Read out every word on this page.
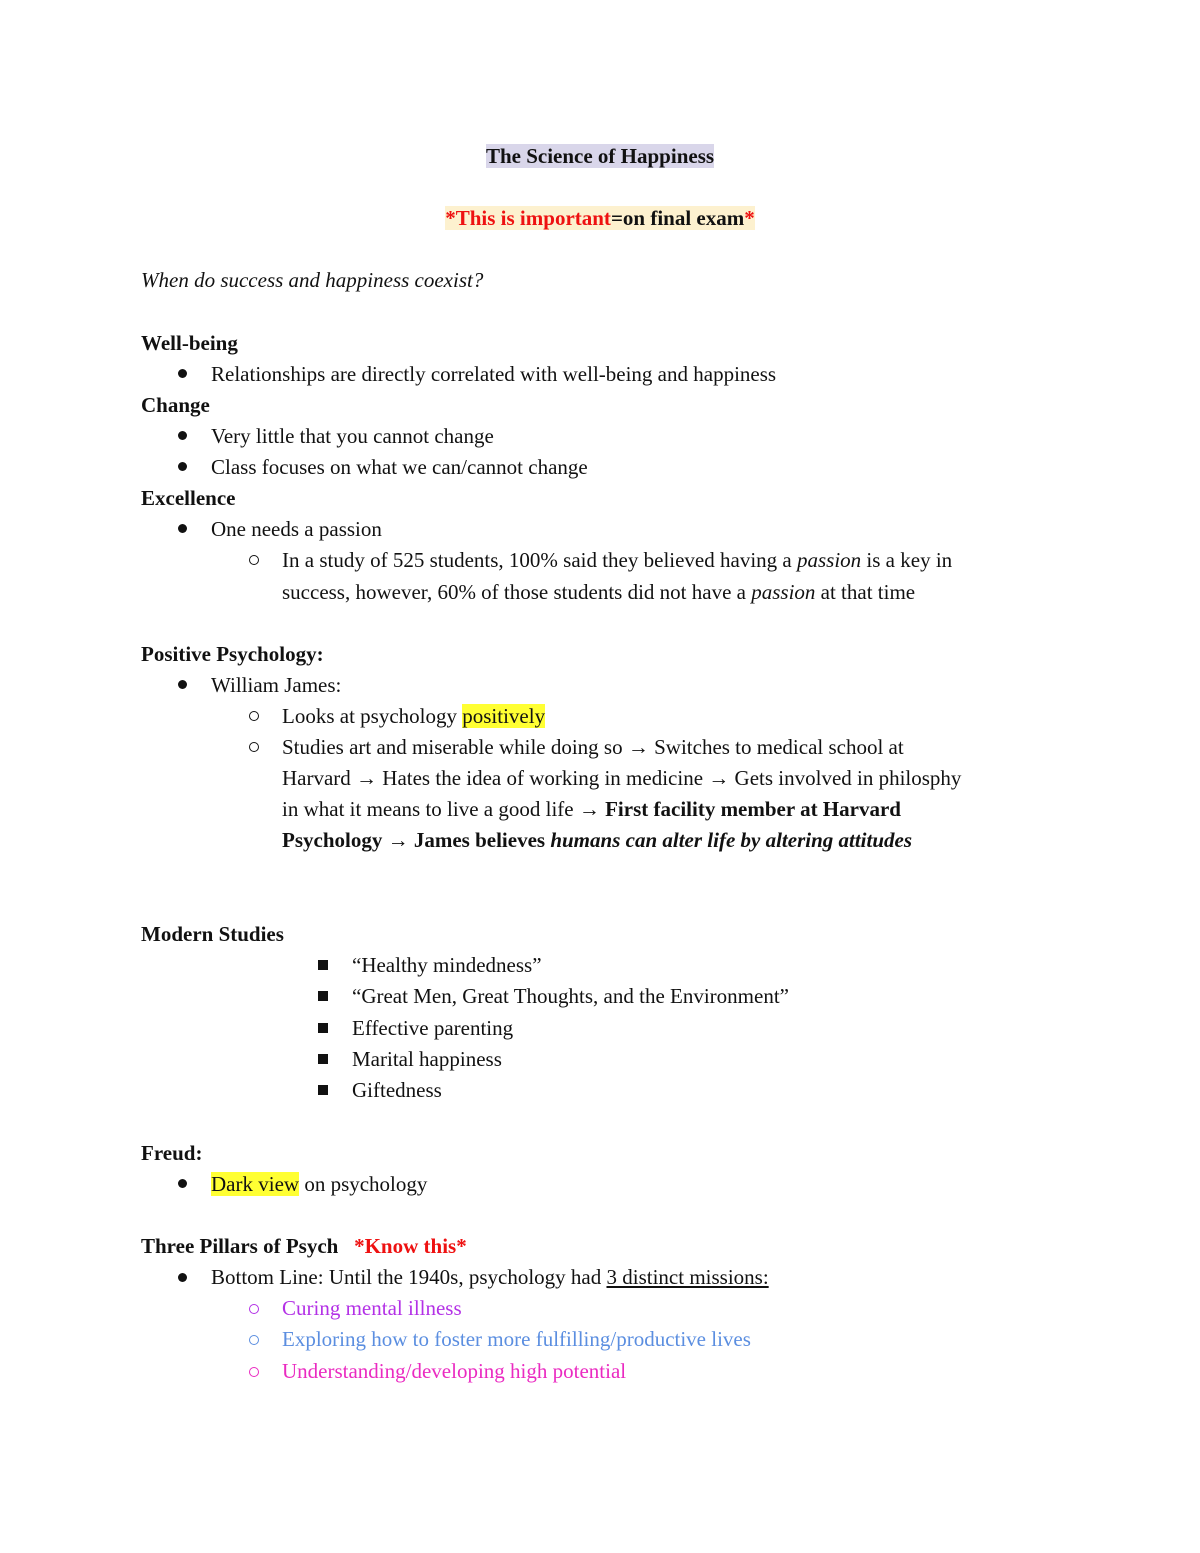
The Science of Happiness
*This is important=on final exam*
When do success and happiness coexist?
Well-being
Relationships are directly correlated with well-being and happiness
Change
Very little that you cannot change
Class focuses on what we can/cannot change
Excellence
One needs a passion
In a study of 525 students, 100% said they believed having a passion is a key in
success, however, 60% of those students did not have a passion at that time
Positive Psychology:
William James:
Looks at psychology positively
Studies art and miserable while doing so → Switches to medical school at
Harvard → Hates the idea of working in medicine → Gets involved in philosphy
in what it means to live a good life → First facility member at Harvard
Psychology → James believes humans can alter life by altering attitudes
Modern Studies
“Healthy mindedness”
“Great Men, Great Thoughts, and the Environment”
Effective parenting
Marital happiness
Giftedness
Freud:
Dark view on psychology
Three Pillars of Psych *Know this*
Bottom Line: Until the 1940s, psychology had 3 distinct missions:
Curing mental illness
Exploring how to foster more fulfilling/productive lives
Understanding/developing high potential
